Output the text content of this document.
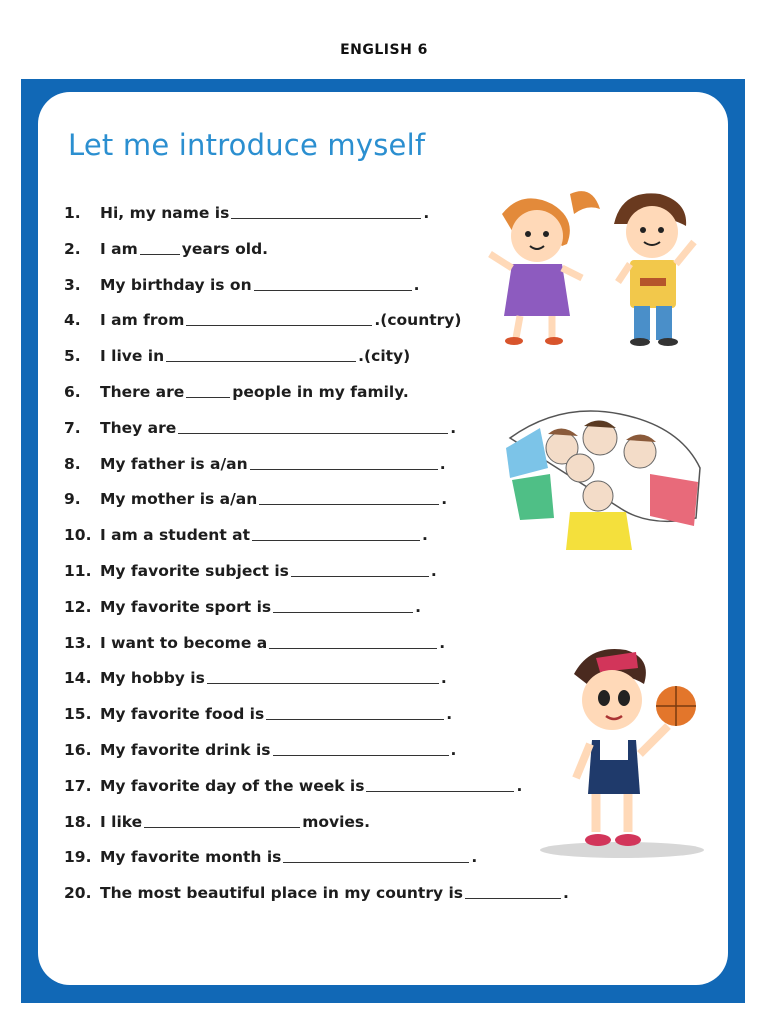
ENGLISH 6
Let me introduce myself
1.	Hi, my name is	.
2.	I am	years old.
3.	My birthday is on	.
4.	I am from	.(country)
5.	I live in	.(city)
6.	There are	people in my family.
7.	They are	.
8.	My father is a/an	.
9.	My mother is a/an	.
10. I am a student at	.
11. My favorite subject is	.
12. My favorite sport is	.
13. I want to become a	.
14. My hobby is	.
15. My favorite food is	.
16. My favorite drink is	.
17. My favorite day of the week is	.
18. I like	movies.
19. My favorite month is	.
20. The most beautiful place in my country is	.
